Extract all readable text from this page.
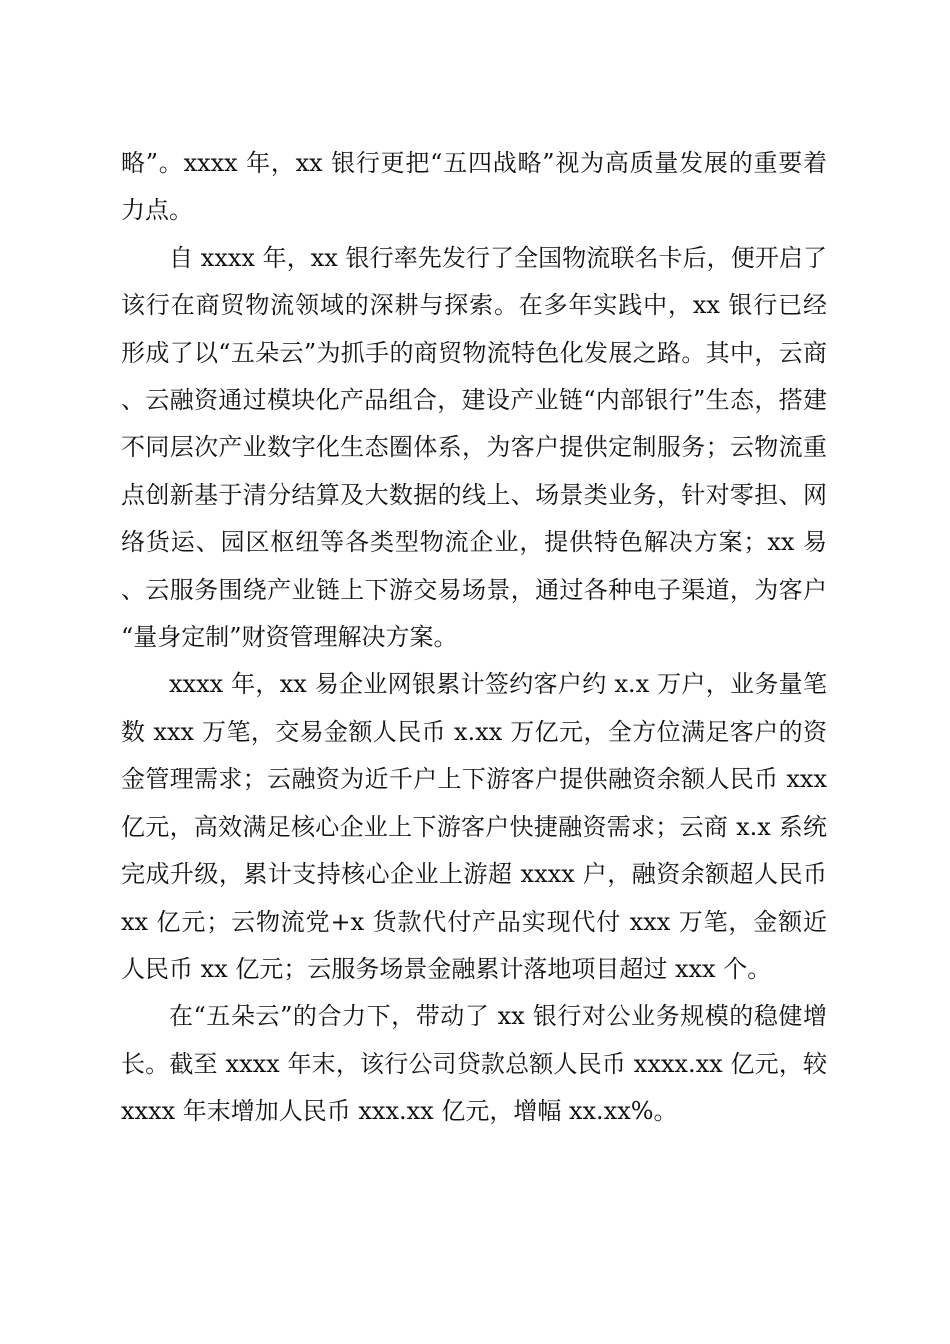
略”。xxxx 年，xx 银行更把“五四战略”视为高质量发展的重要着力点。

自 xxxx 年，xx 银行率先发行了全国物流联名卡后，便开启了该行在商贸物流领域的深耕与探索。在多年实践中，xx 银行已经形成了以“五朵云”为抓手的商贸物流特色化发展之路。其中，云商、云融资通过模块化产品组合，建设产业链“内部银行”生态，搭建不同层次产业数字化生态圈体系，为客户提供定制服务；云物流重点创新基于清分结算及大数据的线上、场景类业务，针对零担、网络货运、园区枢纽等各类型物流企业，提供特色解决方案；xx 易、云服务围绕产业链上下游交易场景，通过各种电子渠道，为客户“量身定制”财资管理解决方案。

xxxx 年，xx 易企业网银累计签约客户约 x.x 万户，业务量笔数 xxx 万笔，交易金额人民币 x.xx 万亿元，全方位满足客户的资金管理需求；云融资为近千户上下游客户提供融资余额人民币 xxx 亿元，高效满足核心企业上下游客户快捷融资需求；云商 x.x 系统完成升级，累计支持核心企业上游超 xxxx 户，融资余额超人民币 xx 亿元；云物流党+x 货款代付产品实现代付 xxx 万笔，金额近人民币 xx 亿元；云服务场景金融累计落地项目超过 xxx 个。

在“五朵云”的合力下，带动了 xx 银行对公业务规模的稳健增长。截至 xxxx 年末，该行公司贷款总额人民币 xxxx.xx 亿元，较 xxxx 年末增加人民币 xxx.xx 亿元，增幅 xx.xx%。
